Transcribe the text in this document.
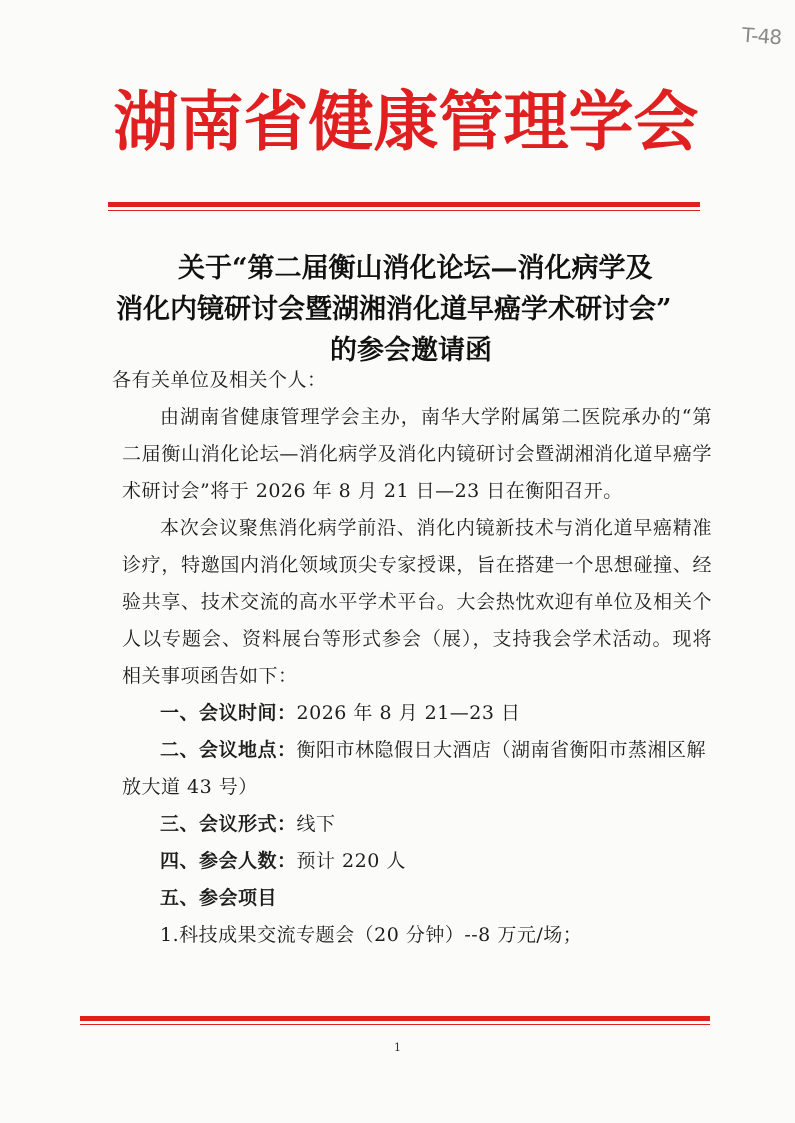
T-48
湖南省健康管理学会
关于“第二届衡山消化论坛—消化病学及
消化内镜研讨会暨湖湘消化道早癌学术研讨会”
的参会邀请函

各有关单位及相关个人：

由湖南省健康管理学会主办，南华大学附属第二医院承办的“第二届衡山消化论坛—消化病学及消化内镜研讨会暨湖湘消化道早癌学术研讨会”将于 2026 年 8 月 21 日—23 日在衡阳召开。

本次会议聚焦消化病学前沿、消化内镜新技术与消化道早癌精准诊疗，特邀国内消化领域顶尖专家授课，旨在搭建一个思想碰撞、经验共享、技术交流的高水平学术平台。大会热忱欢迎有单位及相关个人以专题会、资料展台等形式参会（展），支持我会学术活动。现将相关事项函告如下：

一、会议时间：2026 年 8 月 21—23 日

二、会议地点：衡阳市林隐假日大酒店（湖南省衡阳市蒸湘区解放大道 43 号）

三、会议形式：线下

四、参会人数：预计 220 人

五、参会项目

1.科技成果交流专题会（20 分钟）--8 万元/场；

1
